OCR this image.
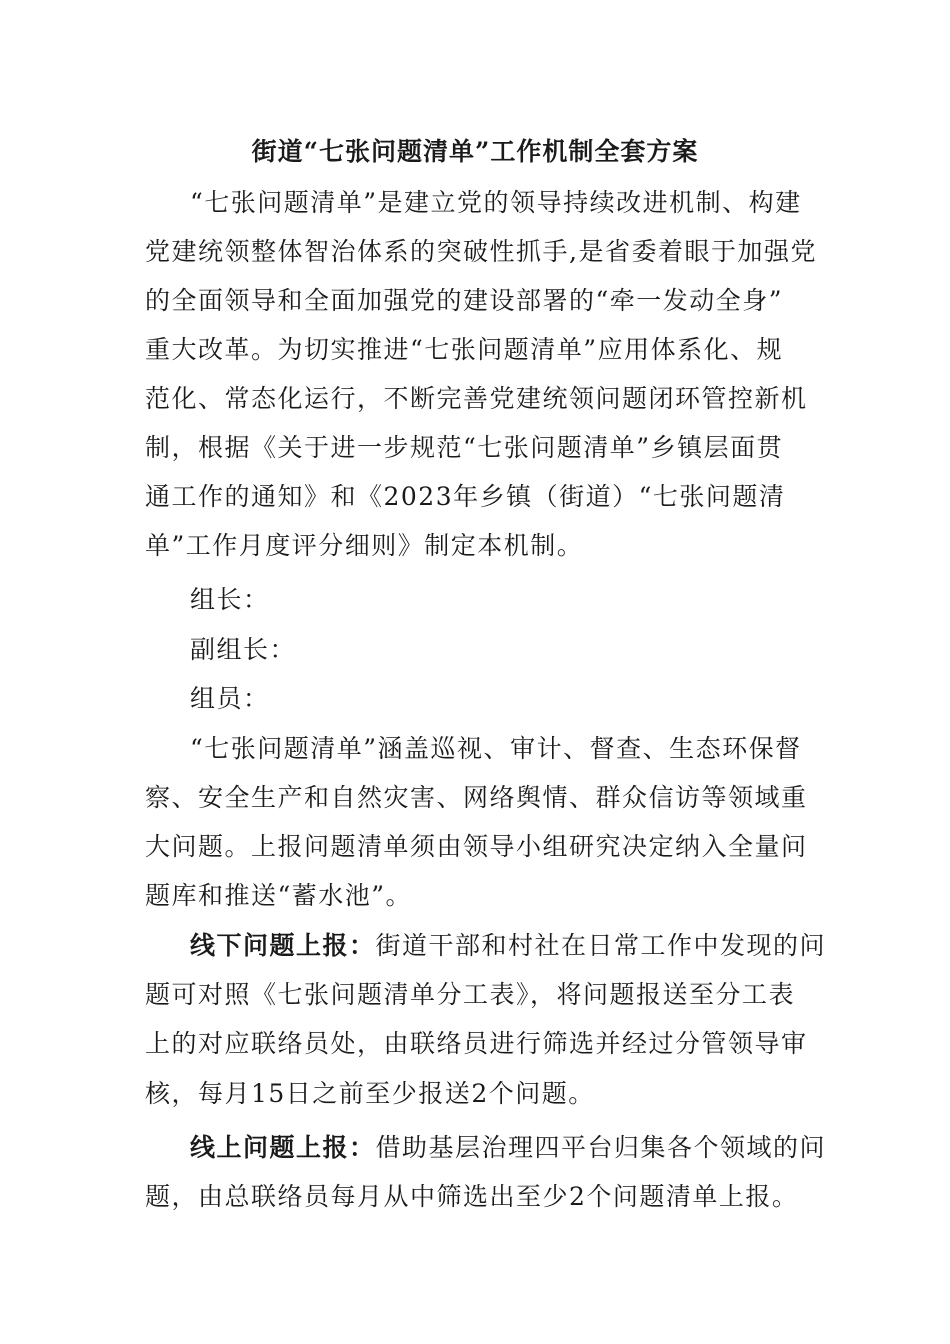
街道“七张问题清单”工作机制全套方案
“七张问题清单”是建立党的领导持续改进机制、构建
党建统领整体智治体系的突破性抓手,是省委着眼于加强党
的全面领导和全面加强党的建设部署的“牵一发动全身”
重大改革。为切实推进“七张问题清单”应用体系化、规
范化、常态化运行，不断完善党建统领问题闭环管控新机
制，根据《关于进一步规范“七张问题清单”乡镇层面贯
通工作的通知》和《2023年乡镇（街道）“七张问题清
单”工作月度评分细则》制定本机制。
组长：
副组长：
组员：
“七张问题清单”涵盖巡视、审计、督查、生态环保督
察、安全生产和自然灾害、网络舆情、群众信访等领域重
大问题。上报问题清单须由领导小组研究决定纳入全量问
题库和推送“蓄水池”。
线下问题上报：街道干部和村社在日常工作中发现的问
题可对照《七张问题清单分工表》，将问题报送至分工表
上的对应联络员处，由联络员进行筛选并经过分管领导审
核，每月15日之前至少报送2个问题。
线上问题上报：借助基层治理四平台归集各个领域的问
题，由总联络员每月从中筛选出至少2个问题清单上报。
